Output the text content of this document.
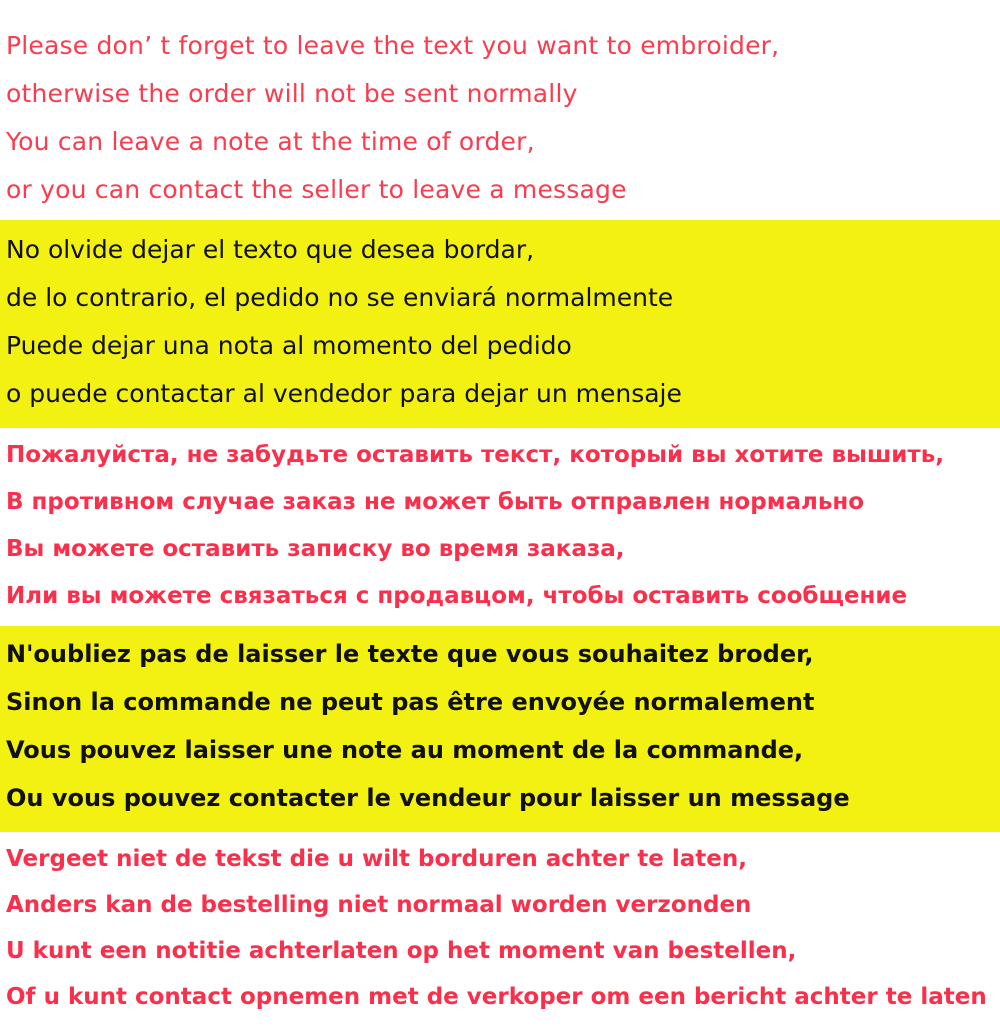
Please don’ t forget to leave the text you want to embroider,
otherwise the order will not be sent normally
You can leave a note at the time of order,
or you can contact the seller to leave a message
No olvide dejar el texto que desea bordar,
de lo contrario, el pedido no se enviará normalmente
Puede dejar una nota al momento del pedido
o puede contactar al vendedor para dejar un mensaje
Пожалуйста, не забудьте оставить текст, который вы хотите вышить,
В противном случае заказ не может быть отправлен нормально
Вы можете оставить записку во время заказа,
Или вы можете связаться с продавцом, чтобы оставить сообщение
N'oubliez pas de laisser le texte que vous souhaitez broder,
Sinon la commande ne peut pas être envoyée normalement
Vous pouvez laisser une note au moment de la commande,
Ou vous pouvez contacter le vendeur pour laisser un message
Vergeet niet de tekst die u wilt borduren achter te laten,
Anders kan de bestelling niet normaal worden verzonden
U kunt een notitie achterlaten op het moment van bestellen,
Of u kunt contact opnemen met de verkoper om een bericht achter te laten
